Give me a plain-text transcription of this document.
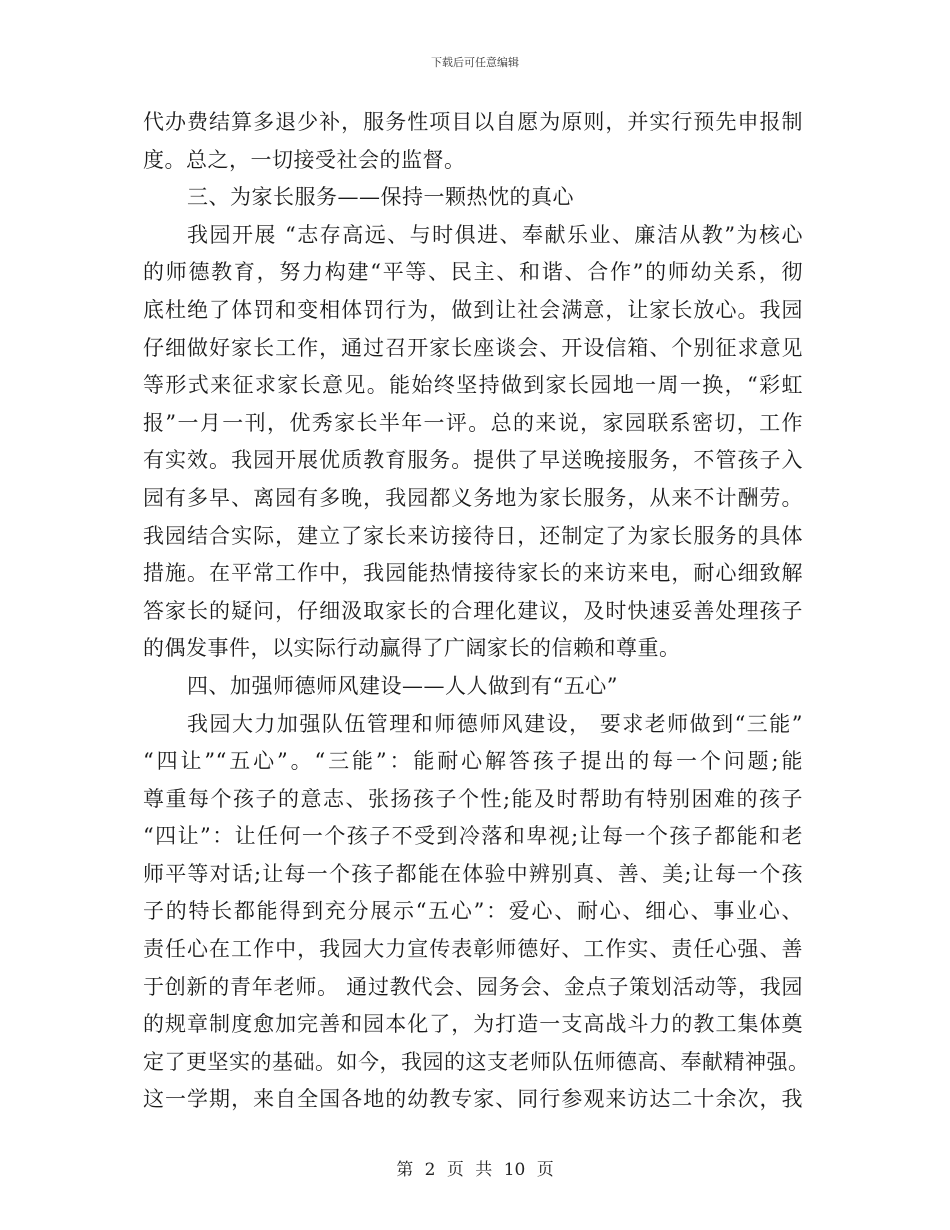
下载后可任意编辑
代办费结算多退少补，服务性项目以自愿为原则，并实行预先申报制
度。总之，一切接受社会的监督。
三、为家长服务——保持一颗热忱的真心
我园开展 “志存高远、与时俱进、奉献乐业、廉洁从教”为核心
的师德教育，努力构建“平等、民主、和谐、合作”的师幼关系，彻
底杜绝了体罚和变相体罚行为，做到让社会满意，让家长放心。我园
仔细做好家长工作，通过召开家长座谈会、开设信箱、个别征求意见
等形式来征求家长意见。能始终坚持做到家长园地一周一换，“彩虹
报”一月一刊，优秀家长半年一评。总的来说，家园联系密切，工作
有实效。我园开展优质教育服务。提供了早送晚接服务，不管孩子入
园有多早、离园有多晚，我园都义务地为家长服务，从来不计酬劳。
我园结合实际，建立了家长来访接待日，还制定了为家长服务的具体
措施。在平常工作中，我园能热情接待家长的来访来电，耐心细致解
答家长的疑问，仔细汲取家长的合理化建议，及时快速妥善处理孩子
的偶发事件，以实际行动赢得了广阔家长的信赖和尊重。
四、加强师德师风建设——人人做到有“五心”
我园大力加强队伍管理和师德师风建设， 要求老师做到“三能”
“四让”“五心”。“三能”：能耐心解答孩子提出的每一个问题;能
尊重每个孩子的意志、张扬孩子个性;能及时帮助有特别困难的孩子
“四让”：让任何一个孩子不受到冷落和卑视;让每一个孩子都能和老
师平等对话;让每一个孩子都能在体验中辨别真、善、美;让每一个孩
子的特长都能得到充分展示“五心”：爱心、耐心、细心、事业心、
责任心在工作中，我园大力宣传表彰师德好、工作实、责任心强、善
于创新的青年老师。 通过教代会、园务会、金点子策划活动等，我园
的规章制度愈加完善和园本化了，为打造一支高战斗力的教工集体奠
定了更坚实的基础。如今，我园的这支老师队伍师德高、奉献精神强。
这一学期，来自全国各地的幼教专家、同行参观来访达二十余次，我
第 2 页 共 10 页
